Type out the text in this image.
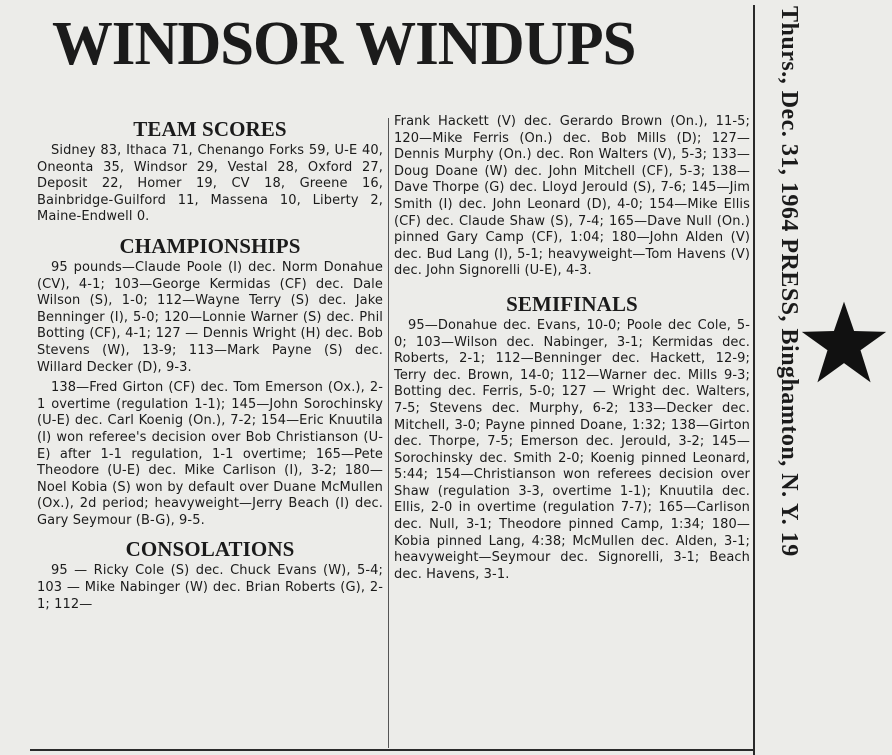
WINDSOR WINDUPS	Thurs., Dec. 31, 1964 PRESS, Binghamton, N. Y. 19
TEAM SCORES

Sidney 83, Ithaca 71, Chenango Forks 59, U-E 40, Oneonta 35, Windsor 29, Vestal 28, Oxford 27, Deposit 22, Homer 19, CV 18, Greene 16, Bainbridge-Guilford 11, Massena 10, Liberty 2, Maine-Endwell 0.

CHAMPIONSHIPS

95 pounds—Claude Poole (I) dec. Norm Donahue (CV), 4-1; 103—George Kermidas (CF) dec. Dale Wilson (S), 1-0; 112—Wayne Terry (S) dec. Jake Benninger (I), 5-0; 120—Lonnie Warner (S) dec. Phil Botting (CF), 4-1; 127 — Dennis Wright (H) dec. Bob Stevens (W), 13-9; 113—Mark Payne (S) dec. Willard Decker (D), 9-3.

138—Fred Girton (CF) dec. Tom Emerson (Ox.), 2-1 overtime (regulation 1-1); 145—John Sorochinsky (U-E) dec. Carl Koenig (On.), 7-2; 154—Eric Knuutila (I) won referee's decision over Bob Christianson (U-E) after 1-1 regulation, 1-1 overtime; 165—Pete Theodore (U-E) dec. Mike Carlison (I), 3-2; 180—Noel Kobia (S) won by default over Duane McMullen (Ox.), 2d period; heavyweight—Jerry Beach (I) dec. Gary Seymour (B-G), 9-5.

CONSOLATIONS

95 — Ricky Cole (S) dec. Chuck Evans (W), 5-4; 103 — Mike Nabinger (W) dec. Brian Roberts (G), 2-1; 112—

Frank Hackett (V) dec. Gerardo Brown (On.), 11-5; 120—Mike Ferris (On.) dec. Bob Mills (D); 127—Dennis Murphy (On.) dec. Ron Walters (V), 5-3; 133—Doug Doane (W) dec. John Mitchell (CF), 5-3; 138—Dave Thorpe (G) dec. Lloyd Jerould (S), 7-6; 145—Jim Smith (I) dec. John Leonard (D), 4-0; 154—Mike Ellis (CF) dec. Claude Shaw (S), 7-4; 165—Dave Null (On.) pinned Gary Camp (CF), 1:04; 180—John Alden (V) dec. Bud Lang (I), 5-1; heavyweight—Tom Havens (V) dec. John Signorelli (U-E), 4-3.

SEMIFINALS

95—Donahue dec. Evans, 10-0; Poole dec Cole, 5-0; 103—Wilson dec. Nabinger, 3-1; Kermidas dec. Roberts, 2-1; 112—Benninger dec. Hackett, 12-9; Terry dec. Brown, 14-0; 112—Warner dec. Mills 9-3; Botting dec. Ferris, 5-0; 127 — Wright dec. Walters, 7-5; Stevens dec. Murphy, 6-2; 133—Decker dec. Mitchell, 3-0; Payne pinned Doane, 1:32; 138—Girton dec. Thorpe, 7-5; Emerson dec. Jerould, 3-2; 145—Sorochinsky dec. Smith 2-0; Koenig pinned Leonard, 5:44; 154—Christianson won referees decision over Shaw (regulation 3-3, overtime 1-1); Knuutila dec. Ellis, 2-0 in overtime (regulation 7-7); 165—Carlison dec. Null, 3-1; Theodore pinned Camp, 1:34; 180—Kobia pinned Lang, 4:38; McMullen dec. Alden, 3-1; heavyweight—Seymour dec. Signorelli, 3-1; Beach dec. Havens, 3-1.
